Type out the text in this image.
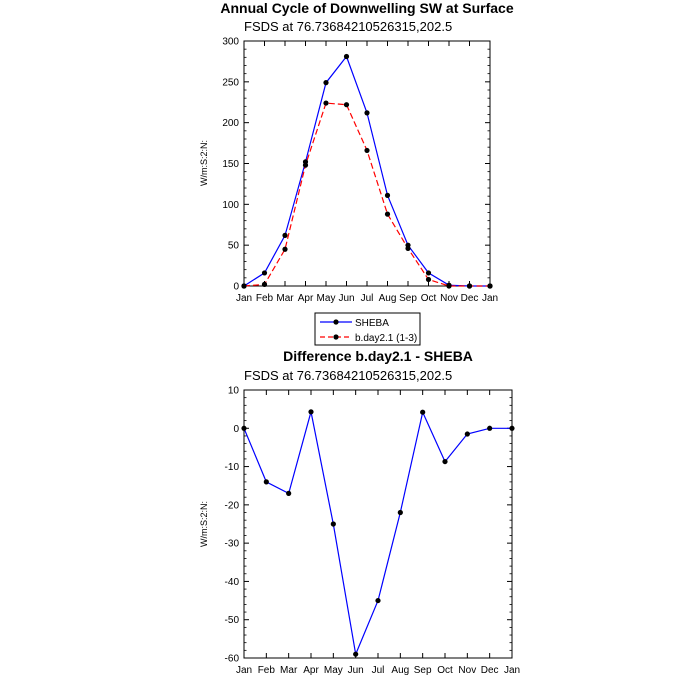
Annual Cycle of Downwelling SW at Surface
FSDS at 76.73684210526315,202.5
W/m:S:2:N:
0
50
100
150
200
250
300
Jan Feb Mar Apr May Jun Jul Aug Sep Oct Nov Dec Jan
SHEBA
b.day2.1 (1-3)
Difference b.day2.1 - SHEBA
FSDS at 76.73684210526315,202.5
W/m:S:2:N:
10
0
-10
-20
-30
-40
-50
-60
Jan Feb Mar Apr May Jun Jul Aug Sep Oct Nov Dec Jan
